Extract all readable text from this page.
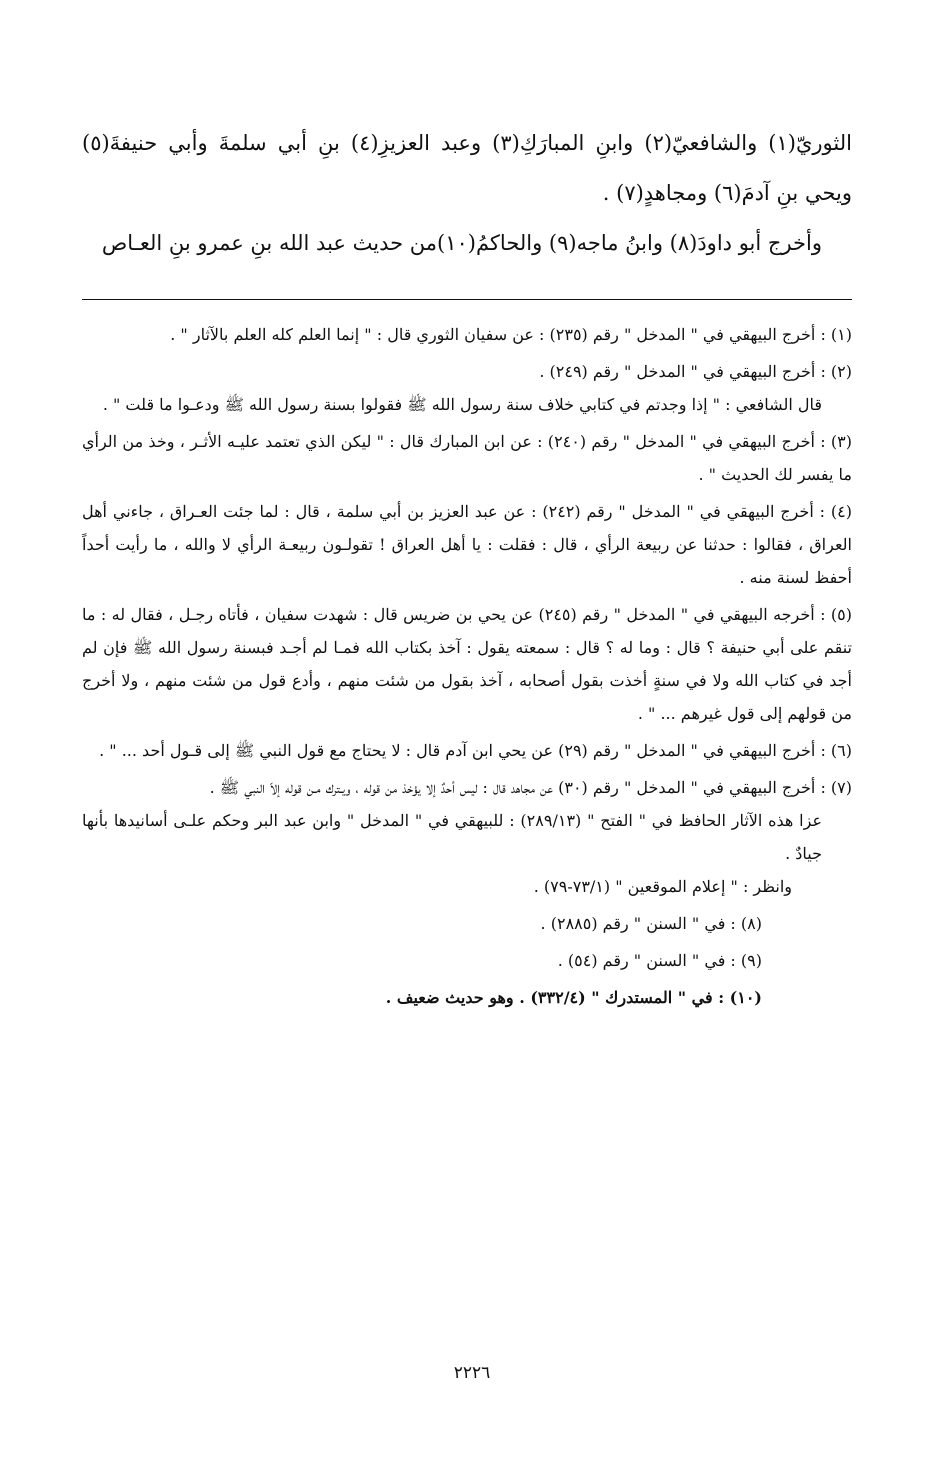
الثوريّ(١) والشافعيّ(٢) وابنِ المبارَكِ(٣) وعبد العزيزِ(٤) بنِ أبي سلمةَ وأبي حنيفةَ(٥) ويحي بنِ آدمَ(٦) ومجاهدٍ(٧) .

وأخرج أبو داودَ(٨) وابنُ ماجه(٩) والحاكمُ(١٠)من حديث عبد الله بنِ عمرو بنِ العـاص

(١) : أخرج البيهقي في " المدخل " رقم (٢٣٥) : عن سفيان الثوري قال : " إنما العلم كله العلم بالآثار " .
(٢) : أخرج البيهقي في " المدخل " رقم (٢٤٩) .
قال الشافعي : " إذا وجدتم في كتابي خلاف سنة رسول الله ﷺ فقولوا بسنة رسول الله ﷺ ودعـوا ما قلت " .
(٣) : أخرج البيهقي في " المدخل " رقم (٢٤٠) : عن ابن المبارك قال : " ليكن الذي تعتمد عليـه الأثـر ، وخذ من الرأي ما يفسر لك الحديث " .
(٤) : أخرج البيهقي في " المدخل " رقم (٢٤٢) : عن عبد العزيز بن أبي سلمة ، قال : لما جئت العـراق ، جاءني أهل العراق ، فقالوا : حدثنا عن ربيعة الرأي ، قال : فقلت : يا أهل العراق ! تقولـون ربيعـة الرأي لا والله ، ما رأيت أحداً أحفظ لسنة منه .
(٥) : أخرجه البيهقي في " المدخل " رقم (٢٤٥) عن يحي بن ضريس قال : شهدت سفيان ، فأتاه رجـل ، فقال له : ما تنقم على أبي حنيفة ؟ قال : وما له ؟ قال : سمعته يقول : آخذ بكتاب الله فمـا لم أجـد فبسنة رسول الله ﷺ فإن لم أجد في كتاب الله ولا في سنةٍ أخذت بقول أصحابه ، آخذ بقول من شئت منهم ، وأدع قول من شئت منهم ، ولا أخرج من قولهم إلى قول غيرهم ... " .
(٦) : أخرج البيهقي في " المدخل " رقم (٢٩) عن يحي ابن آدم قال : لا يحتاج مع قول النبي ﷺ إلى قـول أحد ... " .
(٧) : أخرج البيهقي في " المدخل " رقم (٣٠) عن مجاهد قال : ليس أحدٌ إلا يؤخذ من قوله ، ويـترك مـن قوله إلاّ النبي ﷺ .
عزا هذه الآثار الحافظ في " الفتح " (٢٨٩/١٣) : للبيهقي في " المدخل " وابن عبد البر وحكم علـى أسانيدها بأنها جيادٌ .
وانظر : " إعلام الموقعين " (٧٣/١-٧٩) .
(٨) : في " السنن " رقم (٢٨٨٥) .
(٩) : في " السنن " رقم (٥٤) .
(١٠) : في " المستدرك " (٣٣٢/٤) . وهو حديث ضعيف .
٢٢٢٦
